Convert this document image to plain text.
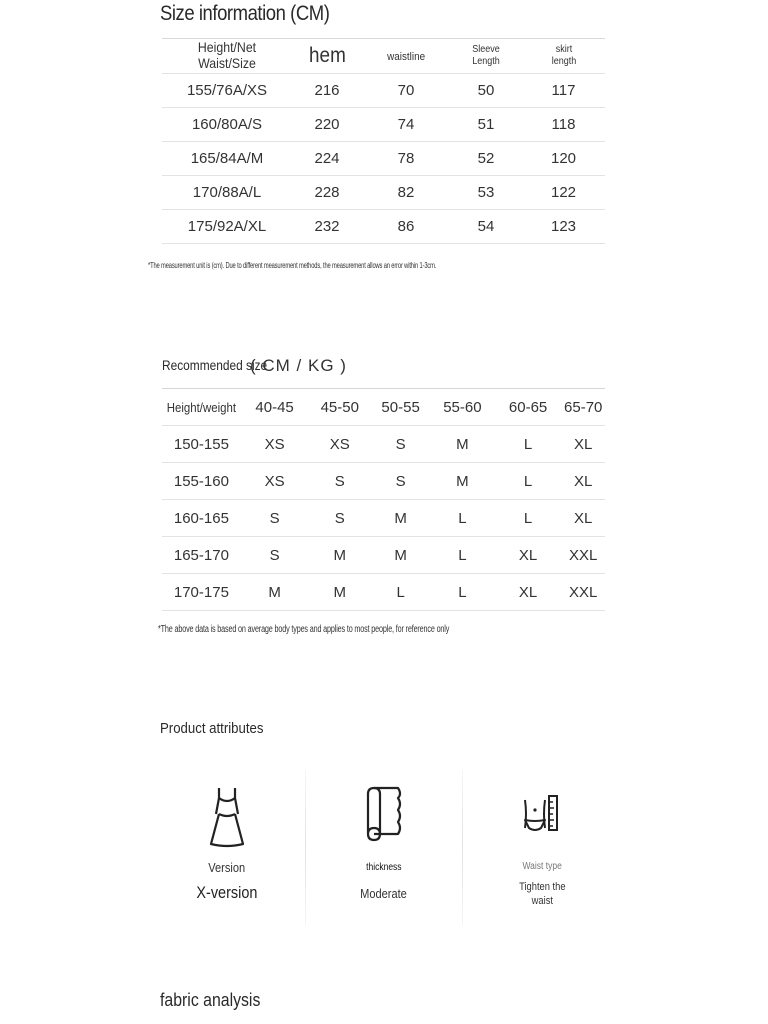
Size information (CM)
Height/Net Waist/Size	hem	waistline	Sleeve Length	skirt length
155/76A/XS	216	70	50	117
160/80A/S	220	74	51	118
165/84A/M	224	78	52	120
170/88A/L	228	82	53	122
175/92A/XL	232	86	54	123
*The measurement unit is (cm). Due to different measurement methods, the measurement allows an error within 1-3cm.
Recommended size
( CM / KG )
Height/weight	40-45	45-50	50-55	55-60	60-65	65-70
150-155	XS	XS	S	M	L	XL
155-160	XS	S	S	M	L	XL
160-165	S	S	M	L	L	XL
165-170	S	M	M	L	XL	XXL
170-175	M	M	L	L	XL	XXL
*The above data is based on average body types and applies to most people, for reference only
Product attributes
Version
X-version
thickness
Moderate
Waist type
Tighten the
waist
fabric analysis
